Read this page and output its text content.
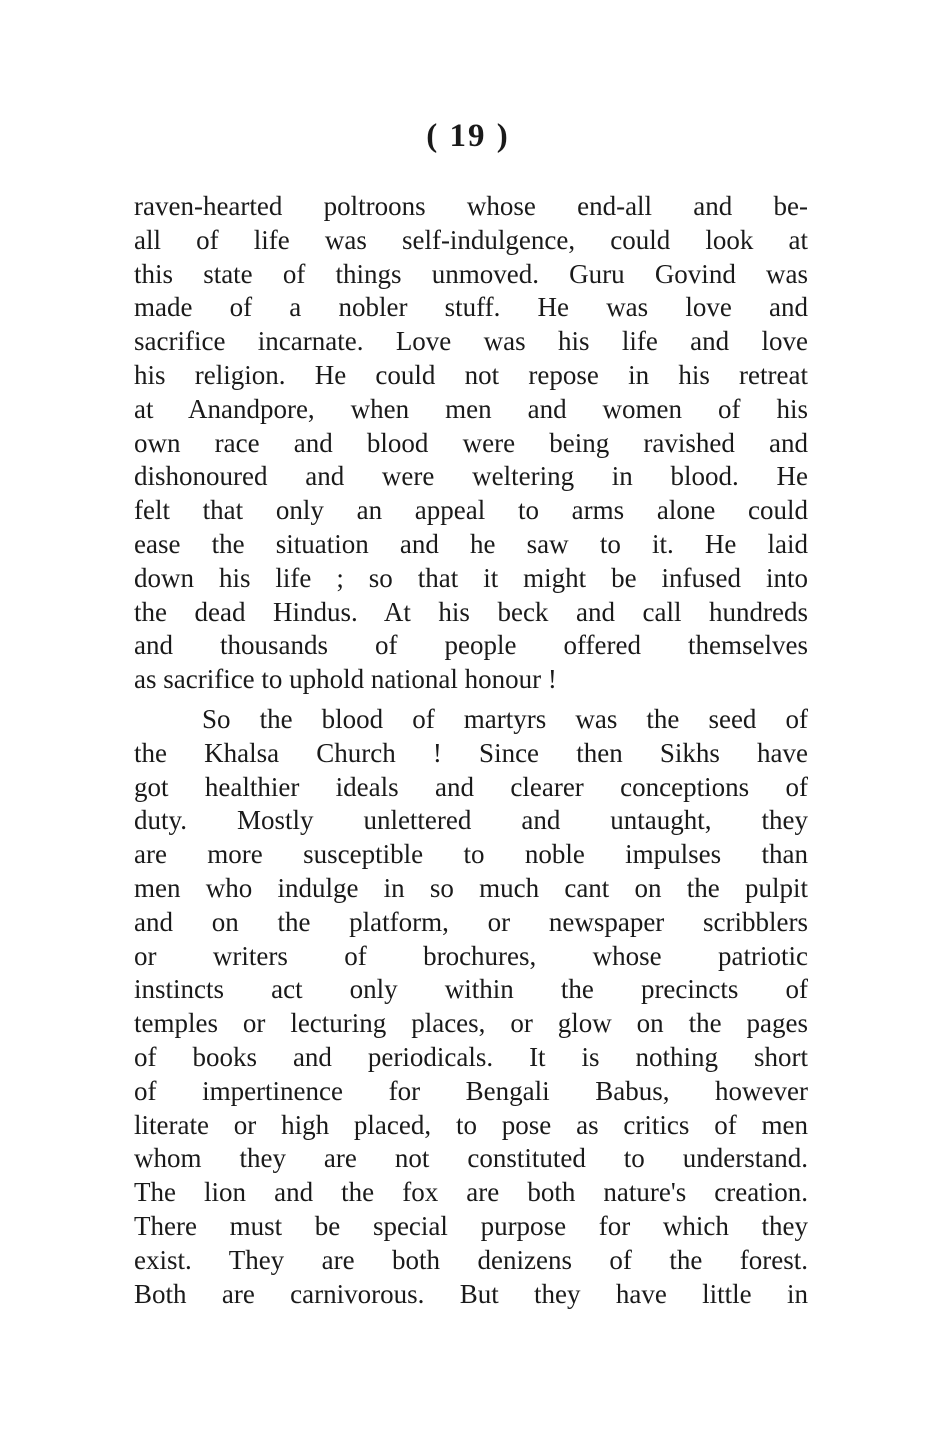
( 19 )
raven-hearted poltroons whose end-all and be-
all of life was self-indulgence, could look at
this state of things unmoved. Guru Govind was
made of a nobler stuff. He was love and
sacrifice incarnate. Love was his life and love
his religion. He could not repose in his retreat
at Anandpore, when men and women of his
own race and blood were being ravished and
dishonoured and were weltering in blood. He
felt that only an appeal to arms alone could
ease the situation and he saw to it. He laid
down his life ; so that it might be infused into
the dead Hindus. At his beck and call hundreds
and thousands of people offered themselves
as sacrifice to uphold national honour !
So the blood of martyrs was the seed of
the Khalsa Church ! Since then Sikhs have
got healthier ideals and clearer conceptions of
duty. Mostly unlettered and untaught, they
are more susceptible to noble impulses than
men who indulge in so much cant on the pulpit
and on the platform, or newspaper scribblers
or writers of brochures, whose patriotic
instincts act only within the precincts of
temples or lecturing places, or glow on the pages
of books and periodicals. It is nothing short
of impertinence for Bengali Babus, however
literate or high placed, to pose as critics of men
whom they are not constituted to understand.
The lion and the fox are both nature's creation.
There must be special purpose for which they
exist. They are both denizens of the forest.
Both are carnivorous. But they have little in
